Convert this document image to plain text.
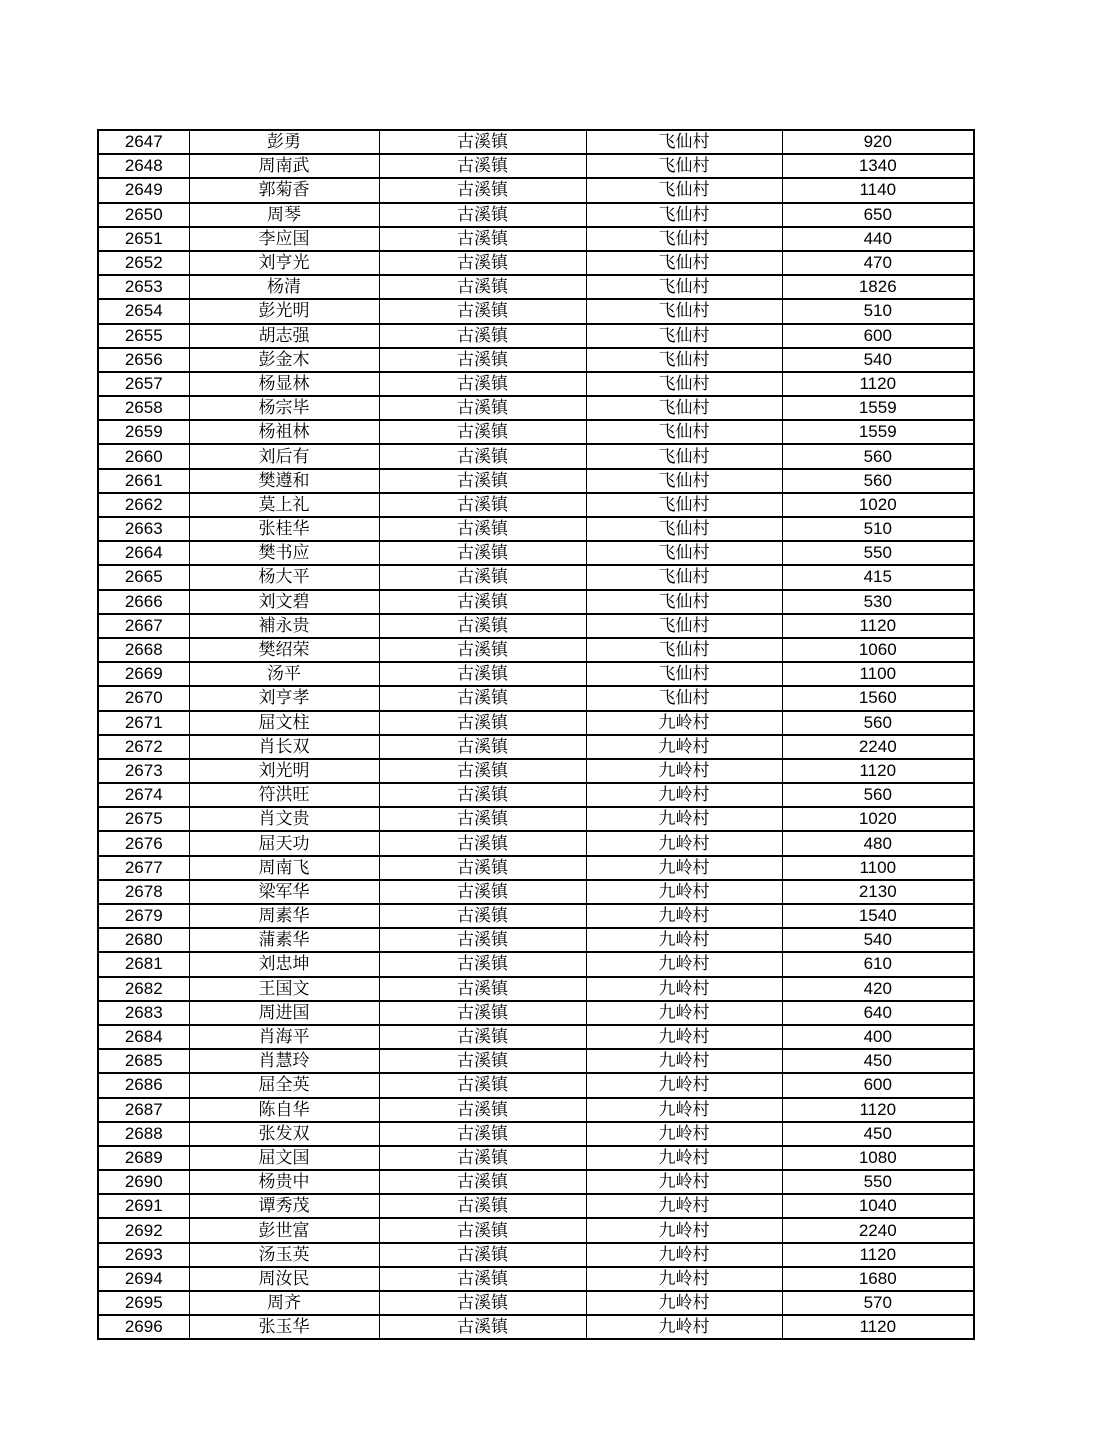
2647	彭勇	古溪镇	飞仙村	920
2648	周南武	古溪镇	飞仙村	1340
2649	郭菊香	古溪镇	飞仙村	1140
2650	周琴	古溪镇	飞仙村	650
2651	李应国	古溪镇	飞仙村	440
2652	刘亨光	古溪镇	飞仙村	470
2653	杨清	古溪镇	飞仙村	1826
2654	彭光明	古溪镇	飞仙村	510
2655	胡志强	古溪镇	飞仙村	600
2656	彭金木	古溪镇	飞仙村	540
2657	杨显林	古溪镇	飞仙村	1120
2658	杨宗毕	古溪镇	飞仙村	1559
2659	杨祖林	古溪镇	飞仙村	1559
2660	刘后有	古溪镇	飞仙村	560
2661	樊遵和	古溪镇	飞仙村	560
2662	莫上礼	古溪镇	飞仙村	1020
2663	张桂华	古溪镇	飞仙村	510
2664	樊书应	古溪镇	飞仙村	550
2665	杨大平	古溪镇	飞仙村	415
2666	刘文碧	古溪镇	飞仙村	530
2667	補永贵	古溪镇	飞仙村	1120
2668	樊绍荣	古溪镇	飞仙村	1060
2669	汤平	古溪镇	飞仙村	1100
2670	刘亨孝	古溪镇	飞仙村	1560
2671	屈文柱	古溪镇	九岭村	560
2672	肖长双	古溪镇	九岭村	2240
2673	刘光明	古溪镇	九岭村	1120
2674	符洪旺	古溪镇	九岭村	560
2675	肖文贵	古溪镇	九岭村	1020
2676	屈天功	古溪镇	九岭村	480
2677	周南飞	古溪镇	九岭村	1100
2678	梁军华	古溪镇	九岭村	2130
2679	周素华	古溪镇	九岭村	1540
2680	蒲素华	古溪镇	九岭村	540
2681	刘忠坤	古溪镇	九岭村	610
2682	王国文	古溪镇	九岭村	420
2683	周进国	古溪镇	九岭村	640
2684	肖海平	古溪镇	九岭村	400
2685	肖慧玲	古溪镇	九岭村	450
2686	屈全英	古溪镇	九岭村	600
2687	陈自华	古溪镇	九岭村	1120
2688	张发双	古溪镇	九岭村	450
2689	屈文国	古溪镇	九岭村	1080
2690	杨贵中	古溪镇	九岭村	550
2691	谭秀茂	古溪镇	九岭村	1040
2692	彭世富	古溪镇	九岭村	2240
2693	汤玉英	古溪镇	九岭村	1120
2694	周汝民	古溪镇	九岭村	1680
2695	周齐	古溪镇	九岭村	570
2696	张玉华	古溪镇	九岭村	1120
